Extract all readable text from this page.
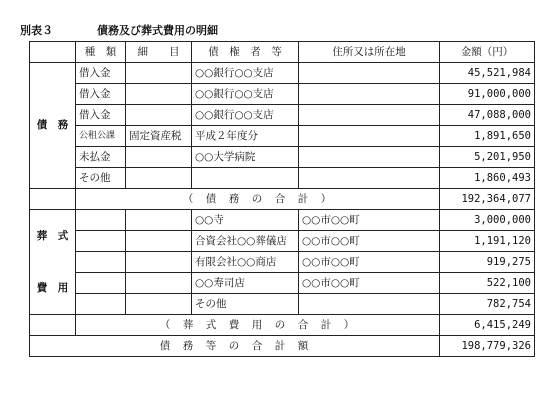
別表３	債務及び葬式費用の明細
	種　類	細　　目	債　権　者　等	住所又は所在地	金額（円）
債　務	借入金		○○銀行○○支店		45,521,984
	借入金		○○銀行○○支店		91,000,000
	借入金		○○銀行○○支店		47,088,000
	公租公課	固定資産税	平成２年度分		1,891,650
	未払金		○○大学病院		5,201,950
	その他				1,860,493
	（　債　務　の　合　計　）				192,364,077

葬　式
費　用			○○寺	○○市○○町	3,000,000
			合資会社○○葬儀店	○○市○○町	1,191,120
			有限会社○○商店	○○市○○町	919,275
			○○寿司店	○○市○○町	522,100
			その他		782,754
	（　葬　式　費　用　の　合　計　）				6,415,249
債　務　等　の　合　計　額					198,779,326
